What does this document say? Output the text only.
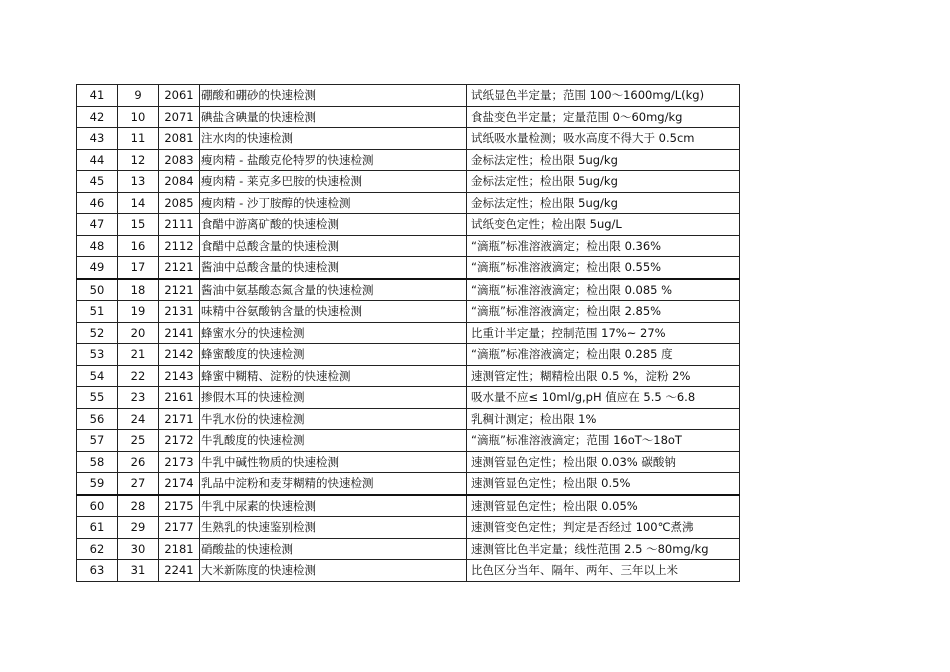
41	9	2061	硼酸和硼砂的快速检测	试纸显色半定量；范围 100～1600mg/L(kg)
42	10	2071	碘盐含碘量的快速检测	食盐变色半定量；定量范围 0～60mg/kg
43	11	2081	注水肉的快速检测	试纸吸水量检测；吸水高度不得大于 0.5cm
44	12	2083	瘦肉精 - 盐酸克伦特罗的快速检测	金标法定性；检出限 5ug/kg
45	13	2084	瘦肉精 - 莱克多巴胺的快速检测	金标法定性；检出限 5ug/kg
46	14	2085	瘦肉精 - 沙丁胺醇的快速检测	金标法定性；检出限 5ug/kg
47	15	2111	食醋中游离矿酸的快速检测	试纸变色定性；检出限 5ug/L
48	16	2112	食醋中总酸含量的快速检测	“滴瓶”标准溶液滴定；检出限 0.36%
49	17	2121	酱油中总酸含量的快速检测	“滴瓶”标准溶液滴定；检出限 0.55%
50	18	2121	酱油中氨基酸态氮含量的快速检测	“滴瓶”标准溶液滴定；检出限 0.085 %
51	19	2131	味精中谷氨酸钠含量的快速检测	“滴瓶”标准溶液滴定；检出限 2.85%
52	20	2141	蜂蜜水分的快速检测	比重计半定量；控制范围 17%~ 27%
53	21	2142	蜂蜜酸度的快速检测	“滴瓶”标准溶液滴定；检出限 0.285 度
54	22	2143	蜂蜜中糊精、淀粉的快速检测	速测管定性；糊精检出限 0.5 %，淀粉 2%
55	23	2161	掺假木耳的快速检测	吸水量不应≤ 10ml/g,pH 值应在 5.5 ～6.8
56	24	2171	牛乳水份的快速检测	乳稠计测定；检出限 1%
57	25	2172	牛乳酸度的快速检测	“滴瓶”标准溶液滴定；范围 16oT～18oT
58	26	2173	牛乳中碱性物质的快速检测	速测管显色定性；检出限 0.03% 碳酸钠
59	27	2174	乳品中淀粉和麦芽糊精的快速检测	速测管显色定性；检出限 0.5%
60	28	2175	牛乳中尿素的快速检测	速测管显色定性；检出限 0.05%
61	29	2177	生熟乳的快速鉴别检测	速测管变色定性；判定是否经过 100℃煮沸
62	30	2181	硝酸盐的快速检测	速测管比色半定量；线性范围 2.5 ～80mg/kg
63	31	2241	大米新陈度的快速检测	比色区分当年、隔年、两年、三年以上米
